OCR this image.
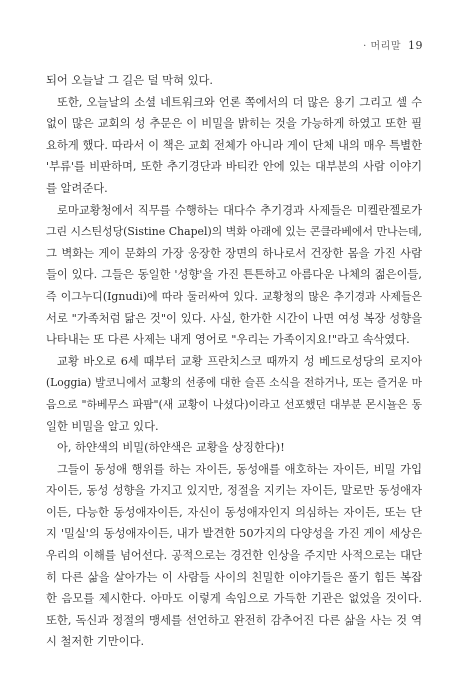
· 머리말 19
되어 오늘날 그 길은 덜 막혀 있다.
또한, 오늘날의 소셜 네트워크와 언론 쪽에서의 더 많은 용기 그리고 셀 수
없이 많은 교회의 성 추문은 이 비밀을 밝히는 것을 가능하게 하였고 또한 필
요하게 했다. 따라서 이 책은 교회 전체가 아니라 게이 단체 내의 매우 특별한
'부류'를 비판하며, 또한 추기경단과 바티칸 안에 있는 대부분의 사람 이야기
를 알려준다.
로마교황청에서 직무를 수행하는 대다수 추기경과 사제들은 미켈란젤로가
그린 시스틴성당(Sistine Chapel)의 벽화 아래에 있는 콘클라베에서 만나는데,
그 벽화는 게이 문화의 가장 웅장한 장면의 하나로서 건장한 몸을 가진 사람
들이 있다. 그들은 동일한 '성향'을 가진 튼튼하고 아름다운 나체의 젊은이들,
즉 이그누디(Ignudi)에 따라 둘러싸여 있다. 교황청의 많은 추기경과 사제들은
서로 "가족처럼 닮은 것"이 있다. 사실, 한가한 시간이 나면 여성 복장 성향을
나타내는 또 다른 사제는 내게 영어로 "우리는 가족이지요!"라고 속삭였다.
교황 바오로 6세 때부터 교황 프란치스코 때까지 성 베드로성당의 로지아
(Loggia) 발코니에서 교황의 선종에 대한 슬픈 소식을 전하거나, 또는 즐거운 마
음으로 "하베무스 파팜"(새 교황이 나셨다)이라고 선포했던 대부분 몬시뇰은 동
일한 비밀을 알고 있다.
아, 하얀색의 비밀(하얀색은 교황을 상징한다)!
그들이 동성애 행위를 하는 자이든, 동성애를 애호하는 자이든, 비밀 가입
자이든, 동성 성향을 가지고 있지만, 정절을 지키는 자이든, 말로만 동성애자
이든, 다능한 동성애자이든, 자신이 동성애자인지 의심하는 자이든, 또는 단
지 '밀실'의 동성애자이든, 내가 발견한 50가지의 다양성을 가진 게이 세상은
우리의 이해를 넘어선다. 공적으로는 경건한 인상을 주지만 사적으로는 대단
히 다른 삶을 살아가는 이 사람들 사이의 친밀한 이야기들은 풀기 힘든 복잡
한 음모를 제시한다. 아마도 이렇게 속임으로 가득한 기관은 없었을 것이다.
또한, 독신과 정절의 맹세를 선언하고 완전히 감추어진 다른 삶을 사는 것 역
시 철저한 기만이다.
